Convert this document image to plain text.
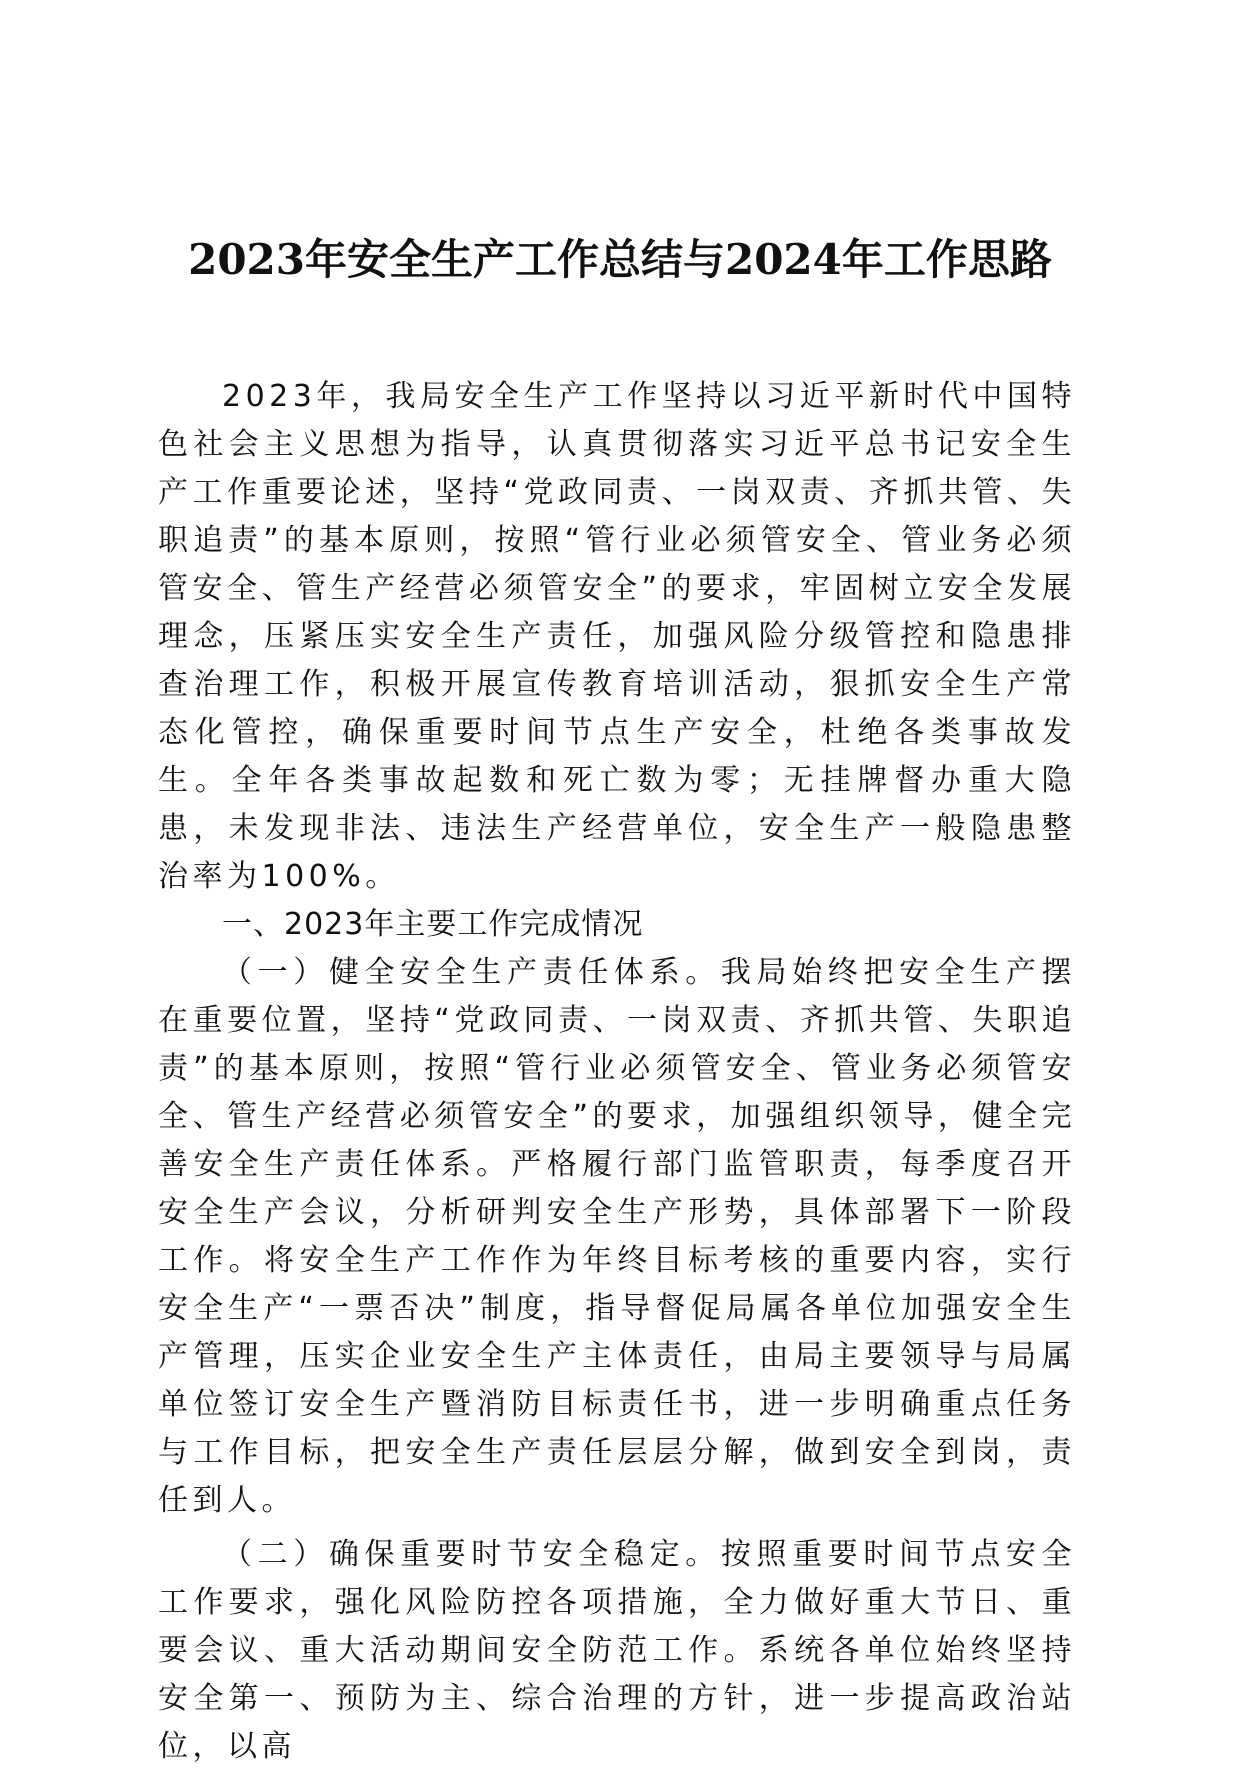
2023年安全生产工作总结与2024年工作思路

2023年，我局安全生产工作坚持以习近平新时代中国特色社会主义思想为指导，认真贯彻落实习近平总书记安全生产工作重要论述，坚持“党政同责、一岗双责、齐抓共管、失职追责”的基本原则，按照“管行业必须管安全、管业务必须管安全、管生产经营必须管安全”的要求，牢固树立安全发展理念，压紧压实安全生产责任，加强风险分级管控和隐患排查治理工作，积极开展宣传教育培训活动，狠抓安全生产常态化管控，确保重要时间节点生产安全，杜绝各类事故发生。全年各类事故起数和死亡数为零；无挂牌督办重大隐患，未发现非法、违法生产经营单位，安全生产一般隐患整治率为100%。

一、2023年主要工作完成情况

（一）健全安全生产责任体系。我局始终把安全生产摆在重要位置，坚持“党政同责、一岗双责、齐抓共管、失职追责”的基本原则，按照“管行业必须管安全、管业务必须管安全、管生产经营必须管安全”的要求，加强组织领导，健全完善安全生产责任体系。严格履行部门监管职责，每季度召开安全生产会议，分析研判安全生产形势，具体部署下一阶段工作。将安全生产工作作为年终目标考核的重要内容，实行安全生产“一票否决”制度，指导督促局属各单位加强安全生产管理，压实企业安全生产主体责任，由局主要领导与局属单位签订安全生产暨消防目标责任书，进一步明确重点任务与工作目标，把安全生产责任层层分解，做到安全到岗，责任到人。

（二）确保重要时节安全稳定。按照重要时间节点安全工作要求，强化风险防控各项措施，全力做好重大节日、重要会议、重大活动期间安全防范工作。系统各单位始终坚持安全第一、预防为主、综合治理的方针，进一步提高政治站位，以高
